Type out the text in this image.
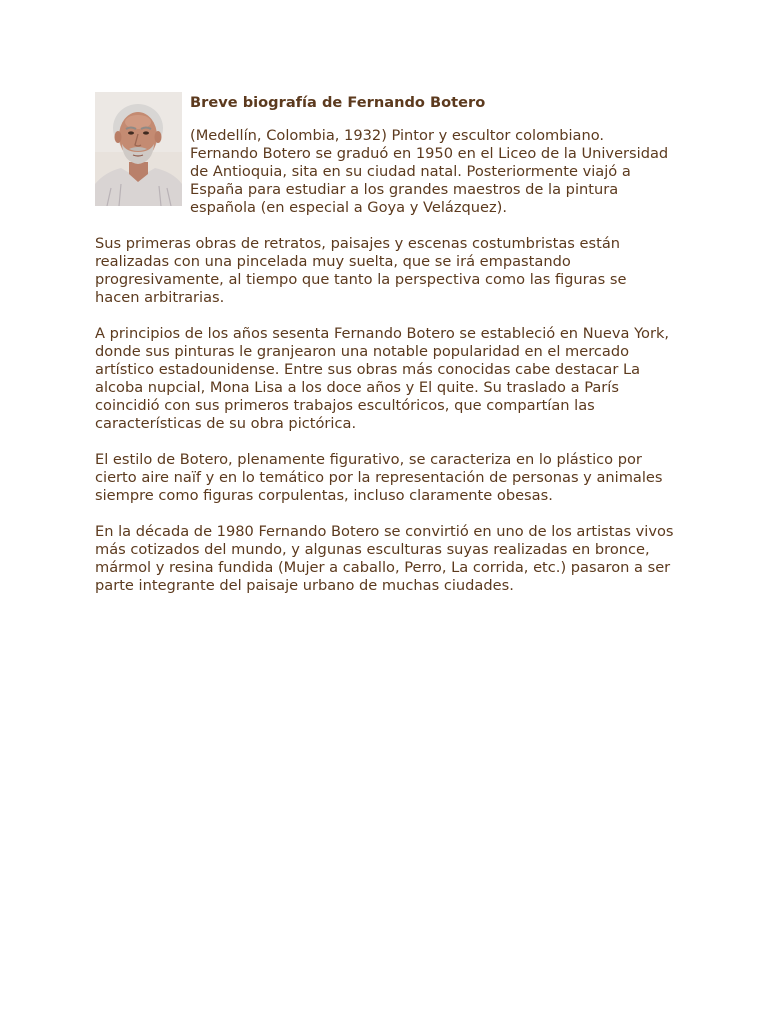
Breve biografía de Fernando Botero

(Medellín, Colombia, 1932) Pintor y escultor colombiano. Fernando Botero se graduó en 1950 en el Liceo de la Universidad de Antioquia, sita en su ciudad natal. Posteriormente viajó a España para estudiar a los grandes maestros de la pintura española (en especial a Goya y Velázquez).

Sus primeras obras de retratos, paisajes y escenas costumbristas están realizadas con una pincelada muy suelta, que se irá empastando progresivamente, al tiempo que tanto la perspectiva como las figuras se hacen arbitrarias.

A principios de los años sesenta Fernando Botero se estableció en Nueva York, donde sus pinturas le granjearon una notable popularidad en el mercado artístico estadounidense. Entre sus obras más conocidas cabe destacar La alcoba nupcial, Mona Lisa a los doce años y El quite. Su traslado a París coincidió con sus primeros trabajos escultóricos, que compartían las características de su obra pictórica.

El estilo de Botero, plenamente figurativo, se caracteriza en lo plástico por cierto aire naïf y en lo temático por la representación de personas y animales siempre como figuras corpulentas, incluso claramente obesas.

En la década de 1980 Fernando Botero se convirtió en uno de los artistas vivos más cotizados del mundo, y algunas esculturas suyas realizadas en bronce, mármol y resina fundida (Mujer a caballo, Perro, La corrida, etc.) pasaron a ser parte integrante del paisaje urbano de muchas ciudades.
